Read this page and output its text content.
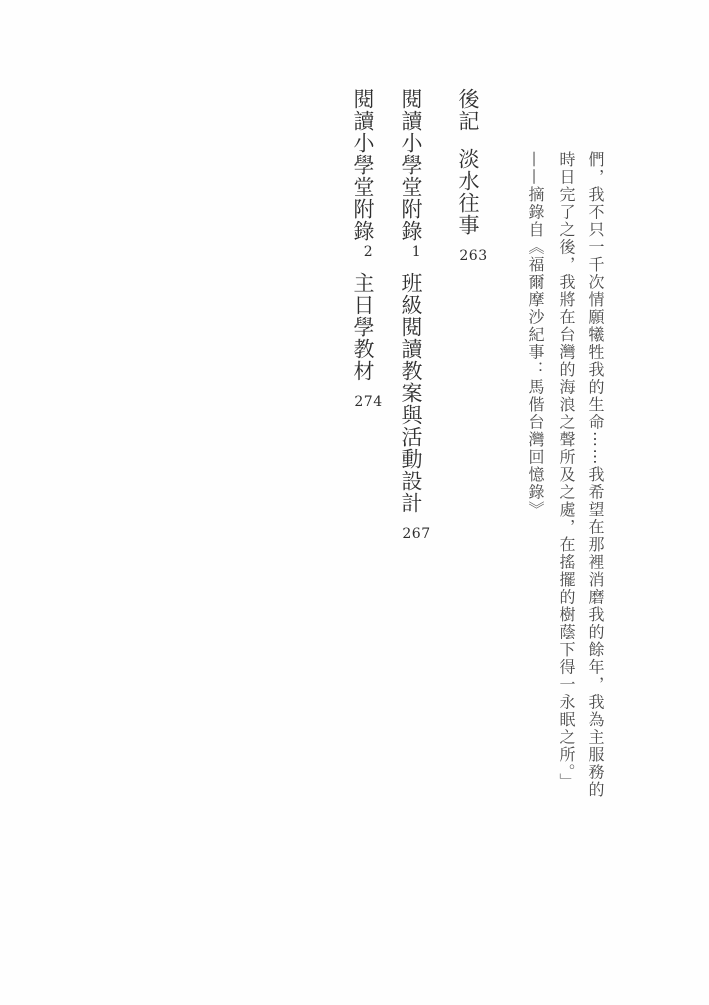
們，我不只一千次情願犧牲我的生命⋯⋯我希望在那裡消磨我的餘年，我為主服務的
時日完了之後，我將在台灣的海浪之聲所及之處，在搖擺的樹蔭下得一永眠之所。」
——摘錄自《福爾摩沙紀事：馬偕台灣回憶錄》
後記淡水往事263
閱讀小學堂附錄1班級閱讀教案與活動設計267
閱讀小學堂附錄2主日學教材274
